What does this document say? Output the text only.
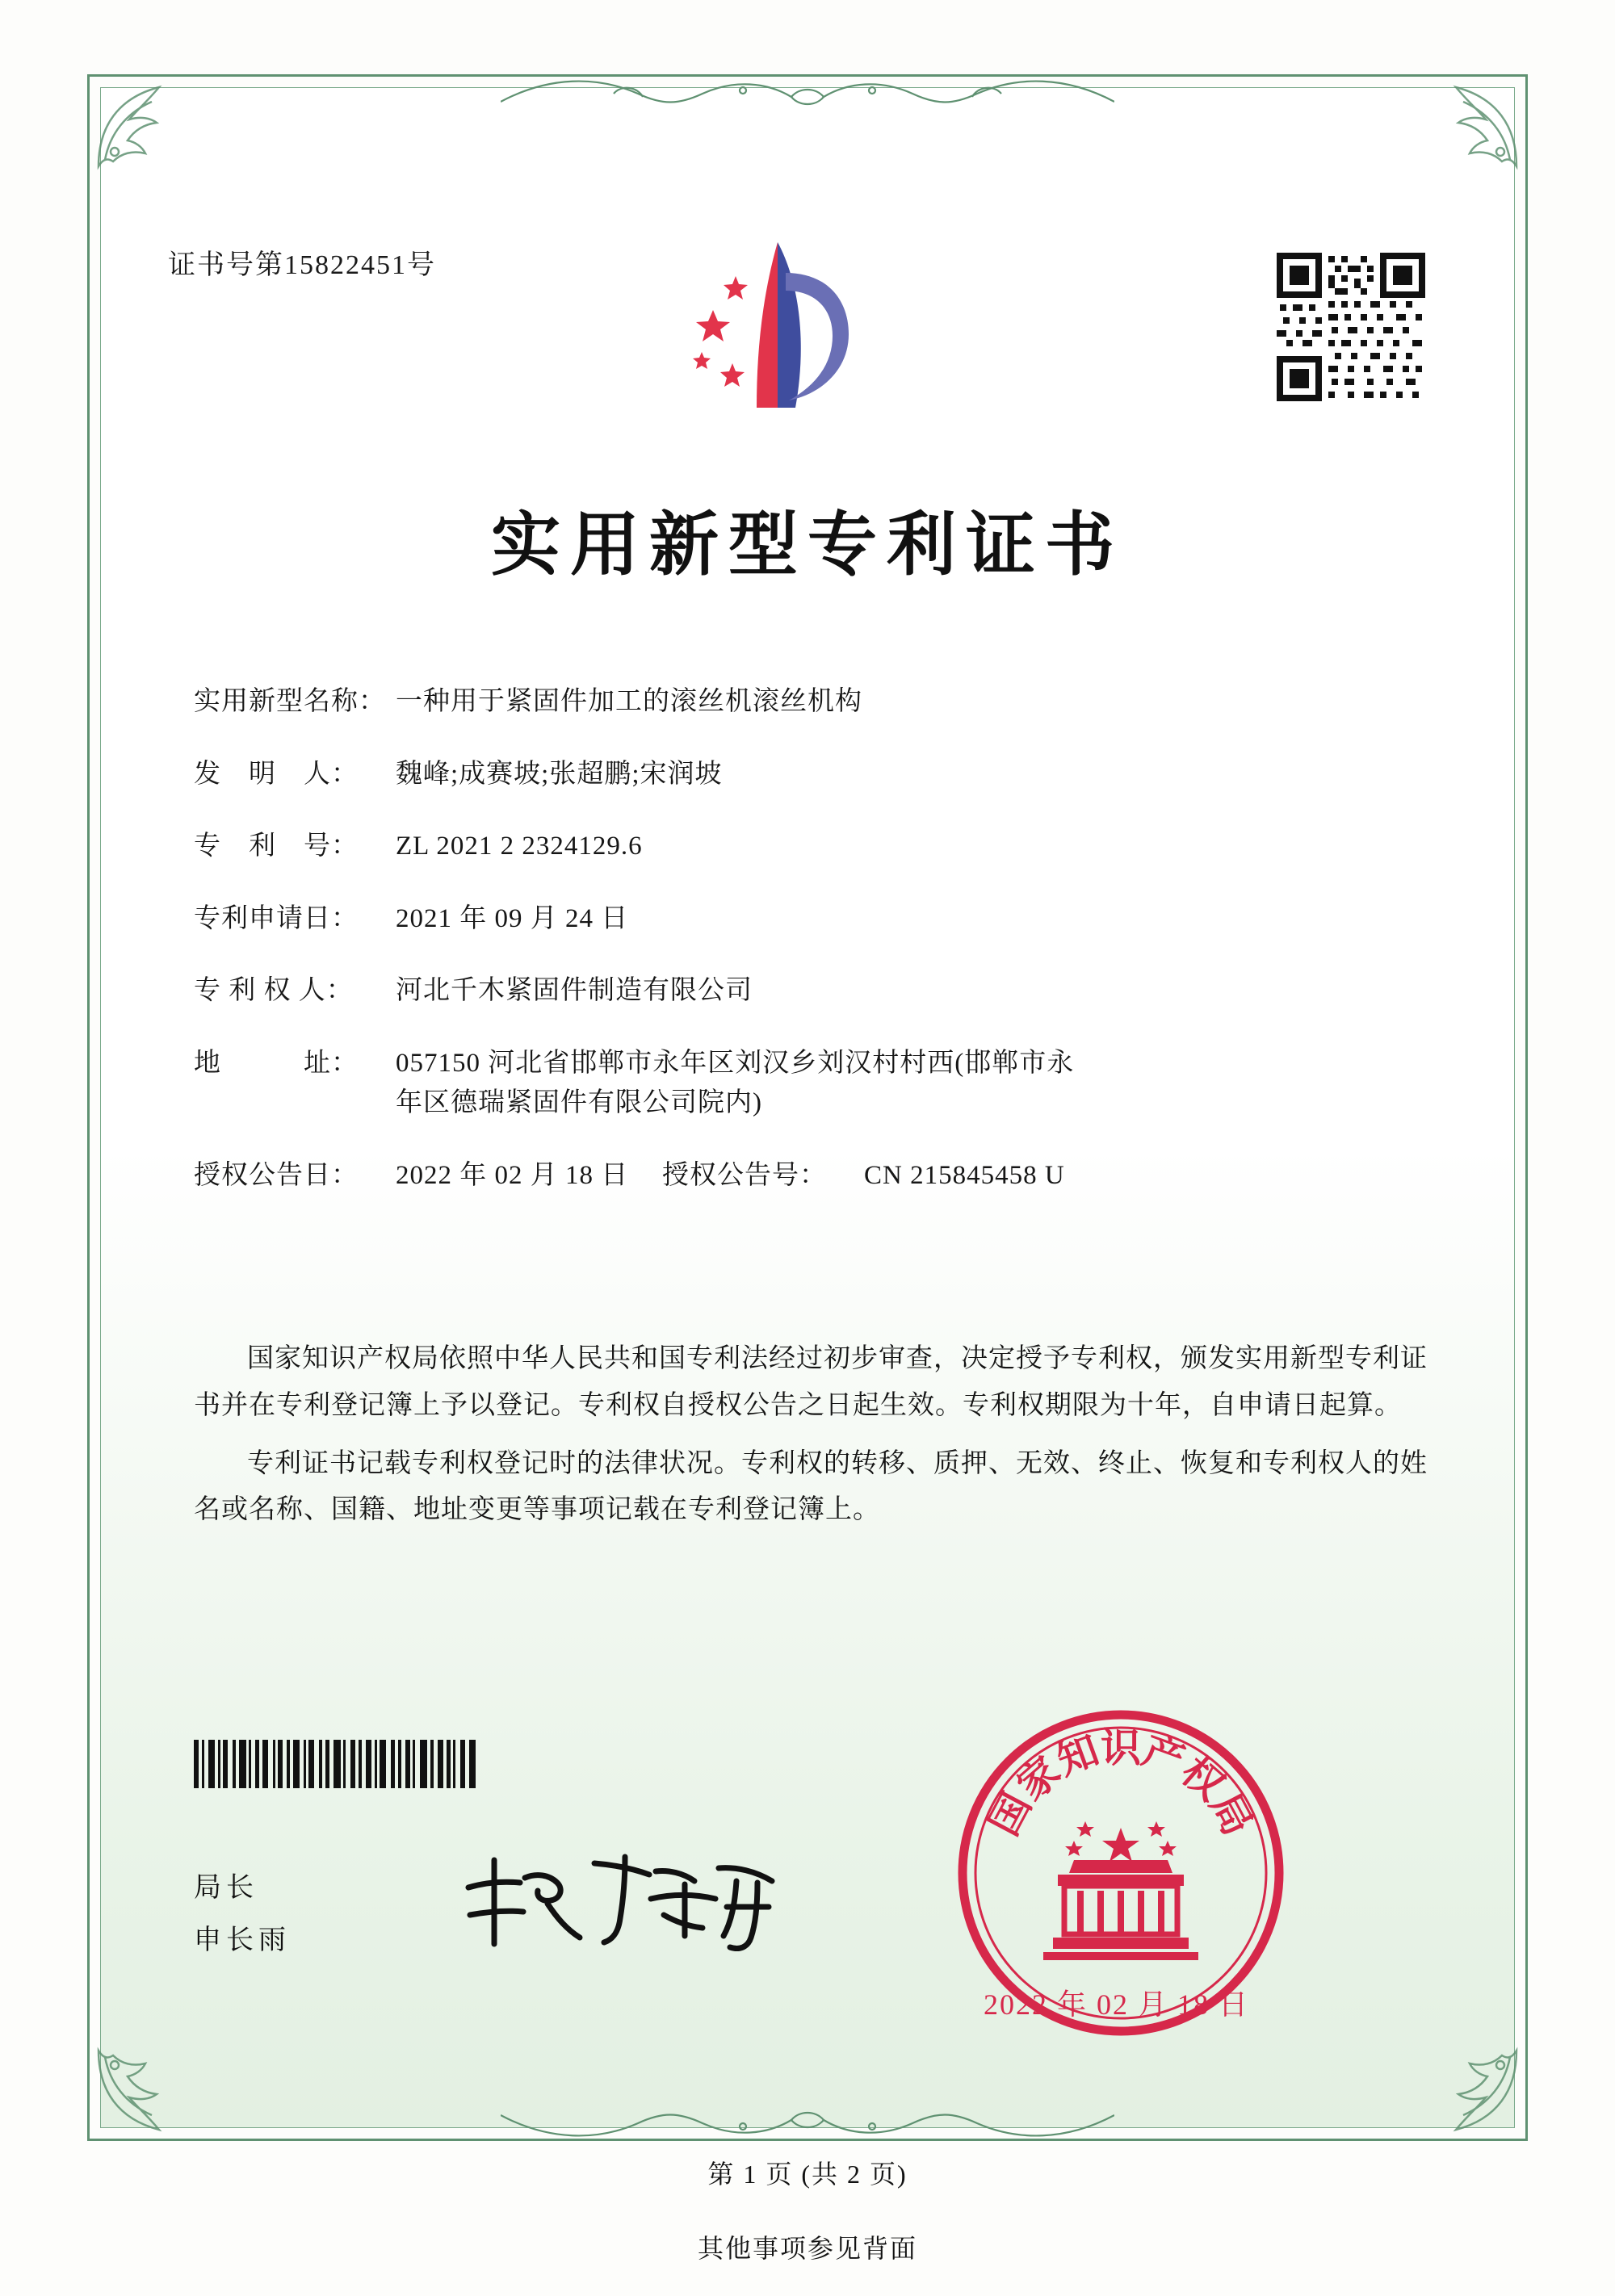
证书号第15822451号
实用新型专利证书
实用新型名称： 一种用于紧固件加工的滚丝机滚丝机构
发　明　人：	魏峰;成赛坡;张超鹏;宋润坡
专　利　号：	ZL 2021 2 2324129.6
专利申请日：	2021 年 09 月 24 日
专 利 权 人：	河北千木紧固件制造有限公司
地　　　址：	057150 河北省邯郸市永年区刘汉乡刘汉村村西(邯郸市永
年区德瑞紧固件有限公司院内)
授权公告日：	2022 年 02 月 18 日	授权公告号：	CN 215845458 U

国家知识产权局依照中华人民共和国专利法经过初步审查，决定授予专利权，颁发实用新型专利证书并在专利登记簿上予以登记。专利权自授权公告之日起生效。专利权期限为十年，自申请日起算。

专利证书记载专利权登记时的法律状况。专利权的转移、质押、无效、终止、恢复和专利权人的姓名或名称、国籍、地址变更等事项记载在专利登记簿上。

局长
申长雨
国
家
知
识
产
权
局
2022 年 02 月 18 日
第 1 页 (共 2 页)
其他事项参见背面
